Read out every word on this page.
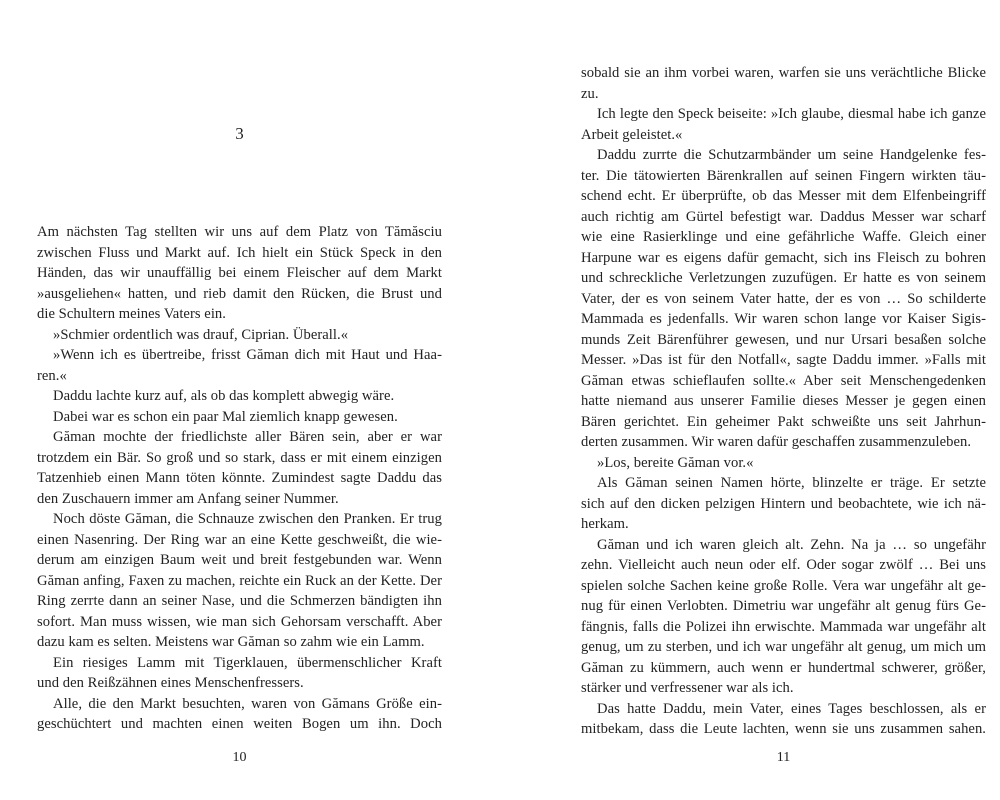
3
Am nächsten Tag stellten wir uns auf dem Platz von Tămăsciu
zwischen Fluss und Markt auf. Ich hielt ein Stück Speck in den
Händen, das wir unauffällig bei einem Fleischer auf dem Markt
»ausgeliehen« hatten, und rieb damit den Rücken, die Brust und
die Schultern meines Vaters ein.
»Schmier ordentlich was drauf, Ciprian. Überall.«
»Wenn ich es übertreibe, frisst Găman dich mit Haut und Haa-
ren.«
Daddu lachte kurz auf, als ob das komplett abwegig wäre.
Dabei war es schon ein paar Mal ziemlich knapp gewesen.
Găman mochte der friedlichste aller Bären sein, aber er war
trotzdem ein Bär. So groß und so stark, dass er mit einem einzigen
Tatzenhieb einen Mann töten könnte. Zumindest sagte Daddu das
den Zuschauern immer am Anfang seiner Nummer.
Noch döste Găman, die Schnauze zwischen den Pranken. Er trug
einen Nasenring. Der Ring war an eine Kette geschweißt, die wie-
derum am einzigen Baum weit und breit festgebunden war. Wenn
Găman anfing, Faxen zu machen, reichte ein Ruck an der Kette. Der
Ring zerrte dann an seiner Nase, und die Schmerzen bändigten ihn
sofort. Man muss wissen, wie man sich Gehorsam verschafft. Aber
dazu kam es selten. Meistens war Găman so zahm wie ein Lamm.
Ein riesiges Lamm mit Tigerklauen, übermenschlicher Kraft
und den Reißzähnen eines Menschenfressers.
Alle, die den Markt besuchten, waren von Gămans Größe ein-
geschüchtert und machten einen weiten Bogen um ihn. Doch
10
sobald sie an ihm vorbei waren, warfen sie uns verächtliche Blicke
zu.
Ich legte den Speck beiseite: »Ich glaube, diesmal habe ich ganze
Arbeit geleistet.«
Daddu zurrte die Schutzarmbänder um seine Handgelenke fes-
ter. Die tätowierten Bärenkrallen auf seinen Fingern wirkten täu-
schend echt. Er überprüfte, ob das Messer mit dem Elfenbeingriff
auch richtig am Gürtel befestigt war. Daddus Messer war scharf
wie eine Rasierklinge und eine gefährliche Waffe. Gleich einer
Harpune war es eigens dafür gemacht, sich ins Fleisch zu bohren
und schreckliche Verletzungen zuzufügen. Er hatte es von seinem
Vater, der es von seinem Vater hatte, der es von … So schilderte
Mammada es jedenfalls. Wir waren schon lange vor Kaiser Sigis-
munds Zeit Bärenführer gewesen, und nur Ursari besaßen solche
Messer. »Das ist für den Notfall«, sagte Daddu immer. »Falls mit
Găman etwas schieflaufen sollte.« Aber seit Menschengedenken
hatte niemand aus unserer Familie dieses Messer je gegen einen
Bären gerichtet. Ein geheimer Pakt schweißte uns seit Jahrhun-
derten zusammen. Wir waren dafür geschaffen zusammenzuleben.
»Los, bereite Găman vor.«
Als Găman seinen Namen hörte, blinzelte er träge. Er setzte
sich auf den dicken pelzigen Hintern und beobachtete, wie ich nä-
herkam.
Găman und ich waren gleich alt. Zehn. Na ja … so ungefähr
zehn. Vielleicht auch neun oder elf. Oder sogar zwölf … Bei uns
spielen solche Sachen keine große Rolle. Vera war ungefähr alt ge-
nug für einen Verlobten. Dimetriu war ungefähr alt genug fürs Ge-
fängnis, falls die Polizei ihn erwischte. Mammada war ungefähr alt
genug, um zu sterben, und ich war ungefähr alt genug, um mich um
Găman zu kümmern, auch wenn er hundertmal schwerer, größer,
stärker und verfressener war als ich.
Das hatte Daddu, mein Vater, eines Tages beschlossen, als er
mitbekam, dass die Leute lachten, wenn sie uns zusammen sahen.
11
